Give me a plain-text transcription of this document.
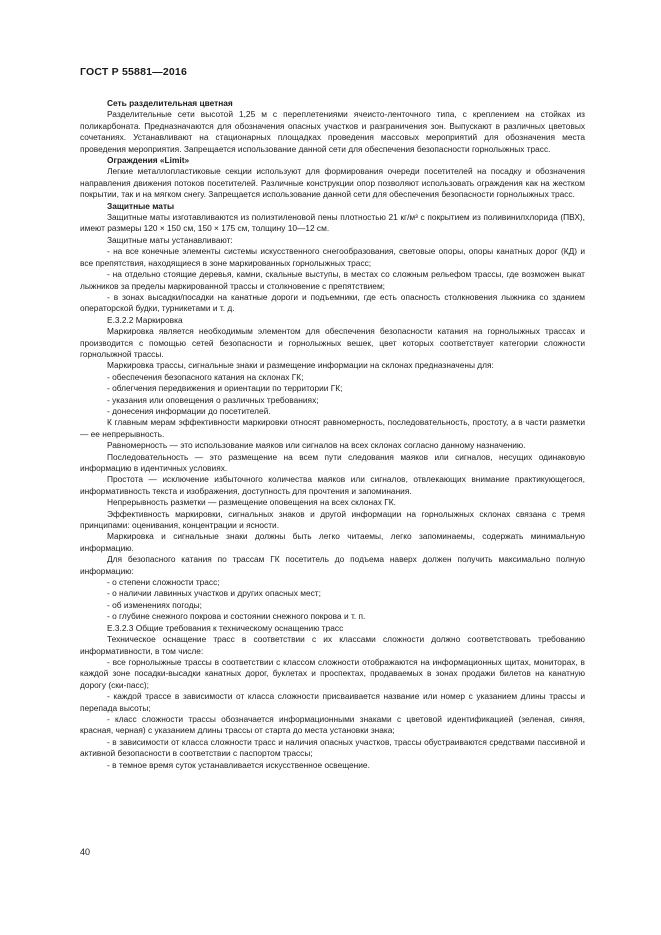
ГОСТ Р 55881—2016

Сеть разделительная цветная

Разделительные сети высотой 1,25 м с переплетениями ячеисто-ленточного типа, с креплением на стойках из поликарбоната. Предназначаются для обозначения опасных участков и разграничения зон. Выпускают в различных цветовых сочетаниях. Устанавливают на стационарных площадках проведения массовых мероприятий для обозначения места проведения мероприятия. Запрещается использование данной сети для обеспечения безопасности горнолыжных трасс.

Ограждения «Limit»

Легкие металлопластиковые секции используют для формирования очереди посетителей на посадку и обозначения направления движения потоков посетителей. Различные конструкции опор позволяют использовать ограждения как на жестком покрытии, так и на мягком снегу. Запрещается использование данной сети для обеспечения безопасности горнолыжных трасс.

Защитные маты

Защитные маты изготавливаются из полиэтиленовой пены плотностью 21 кг/м³ с покрытием из поливинилхлорида (ПВХ), имеют размеры 120 × 150 см, 150 × 175 см, толщину 10—12 см.

Защитные маты устанавливают:

- на все конечные элементы системы искусственного снегообразования, световые опоры, опоры канатных дорог (КД) и все препятствия, находящиеся в зоне маркированных горнолыжных трасс;

- на отдельно стоящие деревья, камни, скальные выступы, в местах со сложным рельефом трассы, где возможен выкат лыжников за пределы маркированной трассы и столкновение с препятствием;

- в зонах высадки/посадки на канатные дороги и подъемники, где есть опасность столкновения лыжника со зданием операторской будки, турникетами и т. д.

Е.3.2.2 Маркировка

Маркировка является необходимым элементом для обеспечения безопасности катания на горнолыжных трассах и производится с помощью сетей безопасности и горнолыжных вешек, цвет которых соответствует категории сложности горнолыжной трассы.

Маркировка трассы, сигнальные знаки и размещение информации на склонах предназначены для:

- обеспечения безопасного катания на склонах ГК;

- облегчения передвижения и ориентации по территории ГК;

- указания или оповещения о различных требованиях;

- донесения информации до посетителей.

К главным мерам эффективности маркировки относят равномерность, последовательность, простоту, а в части разметки — ее непрерывность.

Равномерность — это использование маяков или сигналов на всех склонах согласно данному назначению.

Последовательность — это размещение на всем пути следования маяков или сигналов, несущих одинаковую информацию в идентичных условиях.

Простота — исключение избыточного количества маяков или сигналов, отвлекающих внимание практикующегося, информативность текста и изображения, доступность для прочтения и запоминания.

Непрерывность разметки — размещение оповещения на всех склонах ГК.

Эффективность маркировки, сигнальных знаков и другой информации на горнолыжных склонах связана с тремя принципами: оценивания, концентрации и ясности.

Маркировка и сигнальные знаки должны быть легко читаемы, легко запоминаемы, содержать минимальную информацию.

Для безопасного катания по трассам ГК посетитель до подъема наверх должен получить максимально полную информацию:

- о степени сложности трасс;

- о наличии лавинных участков и других опасных мест;

- об изменениях погоды;

- о глубине снежного покрова и состоянии снежного покрова и т. п.

Е.3.2.3 Общие требования к техническому оснащению трасс

Техническое оснащение трасс в соответствии с их классами сложности должно соответствовать требованию информативности, в том числе:

- все горнолыжные трассы в соответствии с классом сложности отображаются на информационных щитах, мониторах, в каждой зоне посадки-высадки канатных дорог, буклетах и проспектах, продаваемых в зонах продажи билетов на канатную дорогу (ски-пасс);

- каждой трассе в зависимости от класса сложности присваивается название или номер с указанием длины трассы и перепада высоты;

- класс сложности трассы обозначается информационными знаками с цветовой идентификацией (зеленая, синяя, красная, черная) с указанием длины трассы от старта до места установки знака;

- в зависимости от класса сложности трасс и наличия опасных участков, трассы обустраиваются средствами пассивной и активной безопасности в соответствии с паспортом трассы;

- в темное время суток устанавливается искусственное освещение.

40
